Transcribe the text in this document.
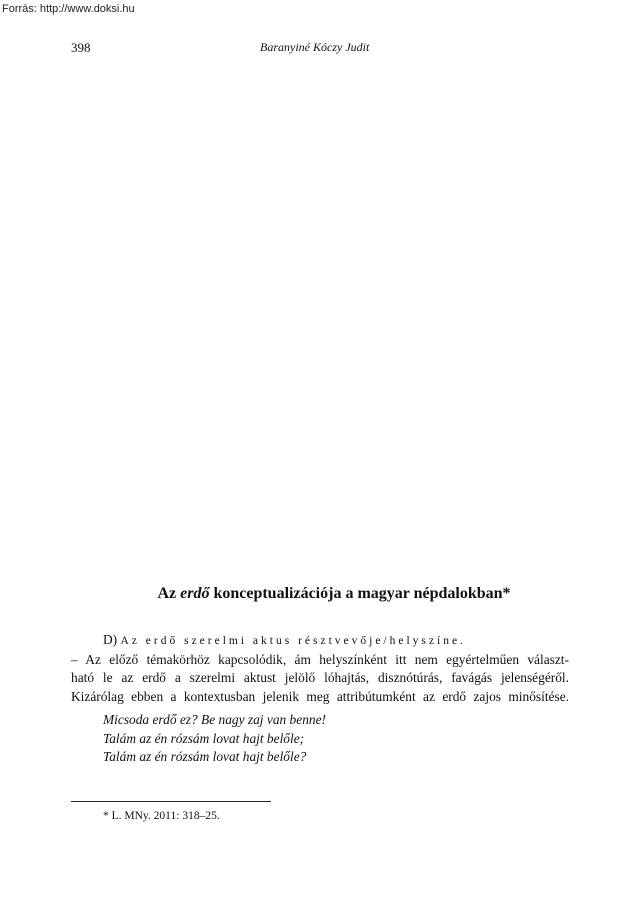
Forrás: http://www.doksi.hu
398	Baranyiné Kóczy Judit
Az erdő konceptualizációja a magyar népdalokban*
D) Az erdő szerelmi aktus résztvevője/helyszíne.
– Az előző témakörhöz kapcsolódik, ám helyszínként itt nem egyértelműen választ-
ható le az erdő a szerelmi aktust jelölő lóhajtás, disznótúrás, favágás jelenségéről.
Kizárólag ebben a kontextusban jelenik meg attribútumként az erdő zajos minősítése.
Micsoda erdő ez? Be nagy zaj van benne!
Talám az én rózsám lovat hajt belőle;
Talám az én rózsám lovat hajt belőle?
* L. MNy. 2011: 318–25.
